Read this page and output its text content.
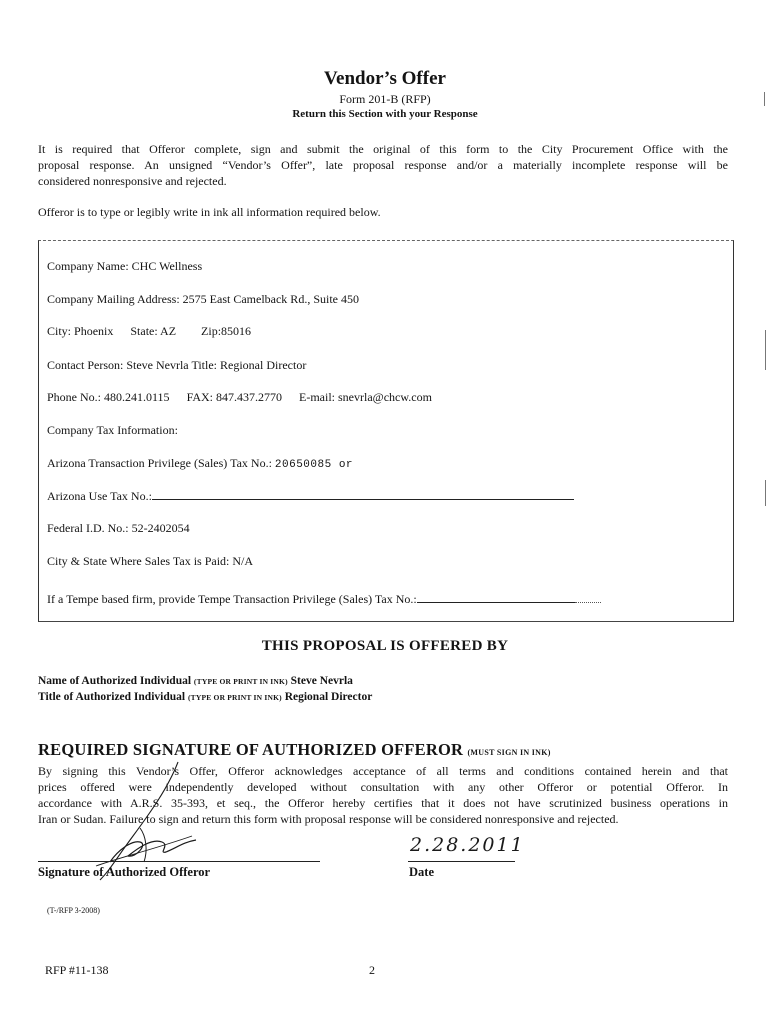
Vendor’s Offer
Form 201-B (RFP)
Return this Section with your Response
It is required that Offeror complete, sign and submit the original of this form to the City Procurement Office with the
proposal response. An unsigned “Vendor’s Offer”, late proposal response and/or a materially incomplete response will be
considered nonresponsive and rejected.
Offeror is to type or legibly write in ink all information required below.
Company Name: CHC Wellness
Company Mailing Address: 2575 East Camelback Rd., Suite 450
City: Phoenix State: AZ Zip:85016
Contact Person: Steve Nevrla Title: Regional Director
Phone No.: 480.241.0115 FAX: 847.437.2770 E-mail: snevrla@chcw.com
Company Tax Information:
Arizona Transaction Privilege (Sales) Tax No.: 20650085 or
Arizona Use Tax No.:
Federal I.D. No.: 52-2402054
City & State Where Sales Tax is Paid: N/A
If a Tempe based firm, provide Tempe Transaction Privilege (Sales) Tax No.:
THIS PROPOSAL IS OFFERED BY
Name of Authorized Individual (TYPE OR PRINT IN INK) Steve Nevrla
Title of Authorized Individual (TYPE OR PRINT IN INK) Regional Director
REQUIRED SIGNATURE OF AUTHORIZED OFFEROR (MUST SIGN IN INK)
By signing this Vendor’s Offer, Offeror acknowledges acceptance of all terms and conditions contained herein and that
prices offered were independently developed without consultation with any other Offeror or potential Offeror. In
accordance with A.R.S. 35-393, et seq., the Offeror hereby certifies that it does not have scrutinized business operations in
Iran or Sudan. Failure to sign and return this form with proposal response will be considered nonresponsive and rejected.
2.28.2011
Signature of Authorized Offeror	Date
(T-/RFP 3-2008)
RFP #11-138	2
